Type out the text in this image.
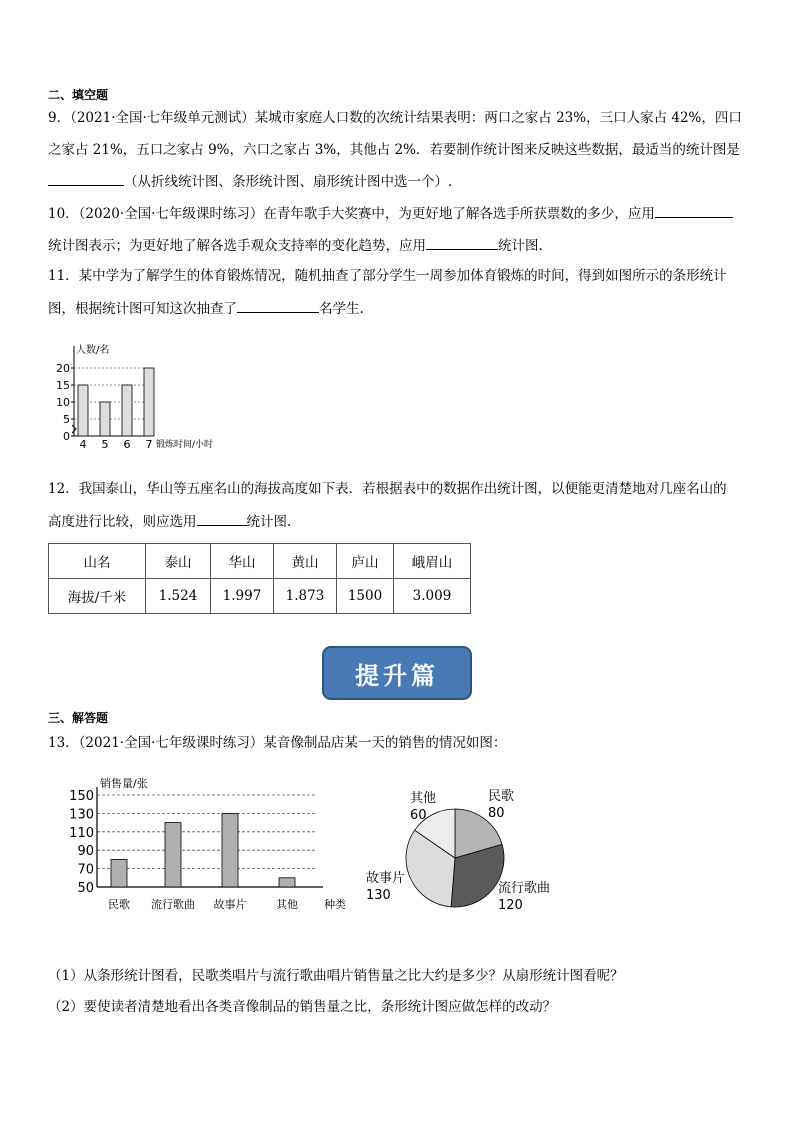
二、填空题
9．（2021·全国·七年级单元测试）某城市家庭人口数的次统计结果表明：两口之家占 23%，三口人家占 42%，四口
之家占 21%，五口之家占 9%，六口之家占 3%，其他占 2%．若要制作统计图来反映这些数据，最适当的统计图是
（从折线统计图、条形统计图、扇形统计图中选一个）.
10．（2020·全国·七年级课时练习）在青年歌手大奖赛中，为更好地了解各选手所获票数的多少，应用
统计图表示；为更好地了解各选手观众支持率的变化趋势，应用	统计图.
11．某中学为了解学生的体育锻炼情况，随机抽查了部分学生一周参加体育锻炼的时间，得到如图所示的条形统计
图，根据统计图可知这次抽查了	名学生.
人数/名
锻炼时间/小时
0
5
10
15
20
4 5 6 7
12．我国泰山，华山等五座名山的海拔高度如下表．若根据表中的数据作出统计图，以便能更清楚地对几座名山的
高度进行比较，则应选用	统计图.
山名	泰山	华山	黄山	庐山	峨眉山
海拔/千米	1.524	1.997	1.873	1500	3.009
提升篇
三、解答题
13．（2021·全国·七年级课时练习）某音像制品店某一天的销售的情况如图：
销售量/张
50
70
90
110
130
150
种类
民歌 流行歌曲 故事片	其他
民歌
80
流行歌曲
120
故事片
130
其他
60
（1）从条形统计图看，民歌类唱片与流行歌曲唱片销售量之比大约是多少？从扇形统计图看呢？
（2）要使读者清楚地看出各类音像制品的销售量之比，条形统计图应做怎样的改动？
